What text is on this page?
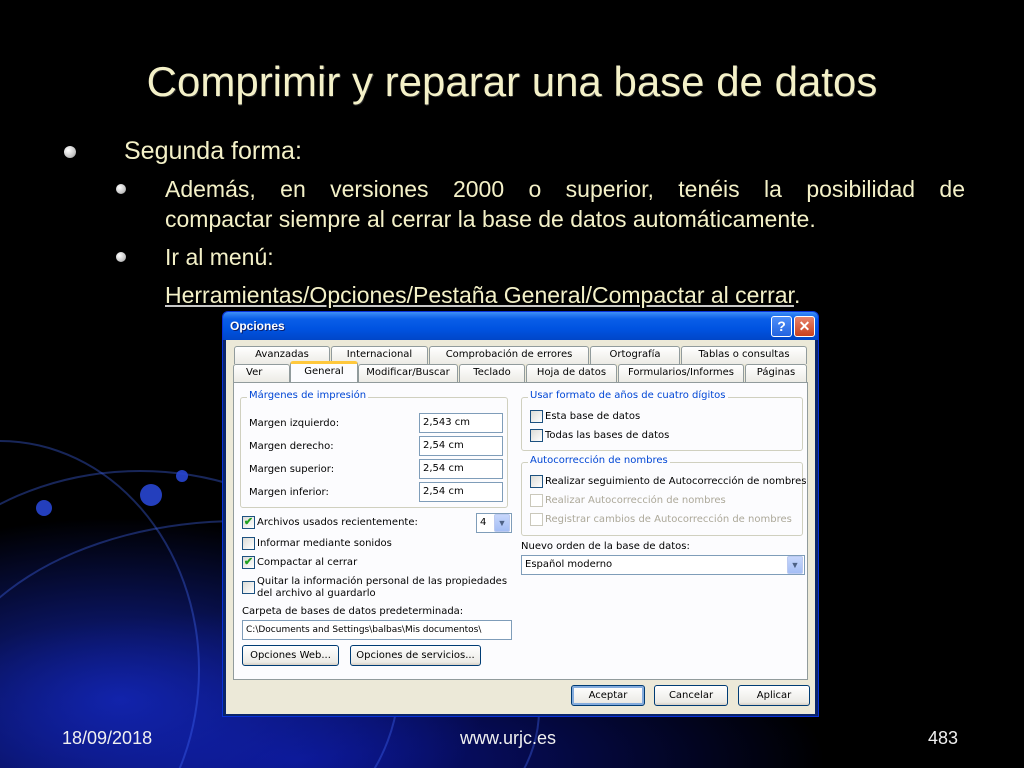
Comprimir y reparar una base de datos
Segunda forma:
Además, en versiones 2000 o superior, tenéis la posibilidad de
compactar siempre al cerrar la base de datos automáticamente.
Ir al menú:
Herramientas/Opciones/Pestaña General/Compactar al cerrar.
Opciones	? ✕
Avanzadas	Internacional	Comprobación de errores	Ortografía	Tablas o consultas
Ver	General	Modificar/Buscar	Teclado	Hoja de datos	Formularios/Informes	Páginas
Márgenes de impresión
Margen izquierdo:	2,543 cm
Margen derecho:	2,54 cm
Margen superior:	2,54 cm
Margen inferior:	2,54 cm
✔ Archivos usados recientemente:	4	▼
Informar mediante sonidos
✔ Compactar al cerrar
Quitar la información personal de las propiedades
del archivo al guardarlo
Carpeta de bases de datos predeterminada:
C:\Documents and Settings\balbas\Mis documentos\
Opciones Web...	Opciones de servicios...
Usar formato de años de cuatro dígitos
Esta base de datos
Todas las bases de datos
Autocorrección de nombres
Realizar seguimiento de Autocorrección de nombres
Realizar Autocorrección de nombres
Registrar cambios de Autocorrección de nombres
Nuevo orden de la base de datos:
Español moderno	▼
Aceptar	Cancelar	Aplicar
18/09/2018	www.urjc.es	483
